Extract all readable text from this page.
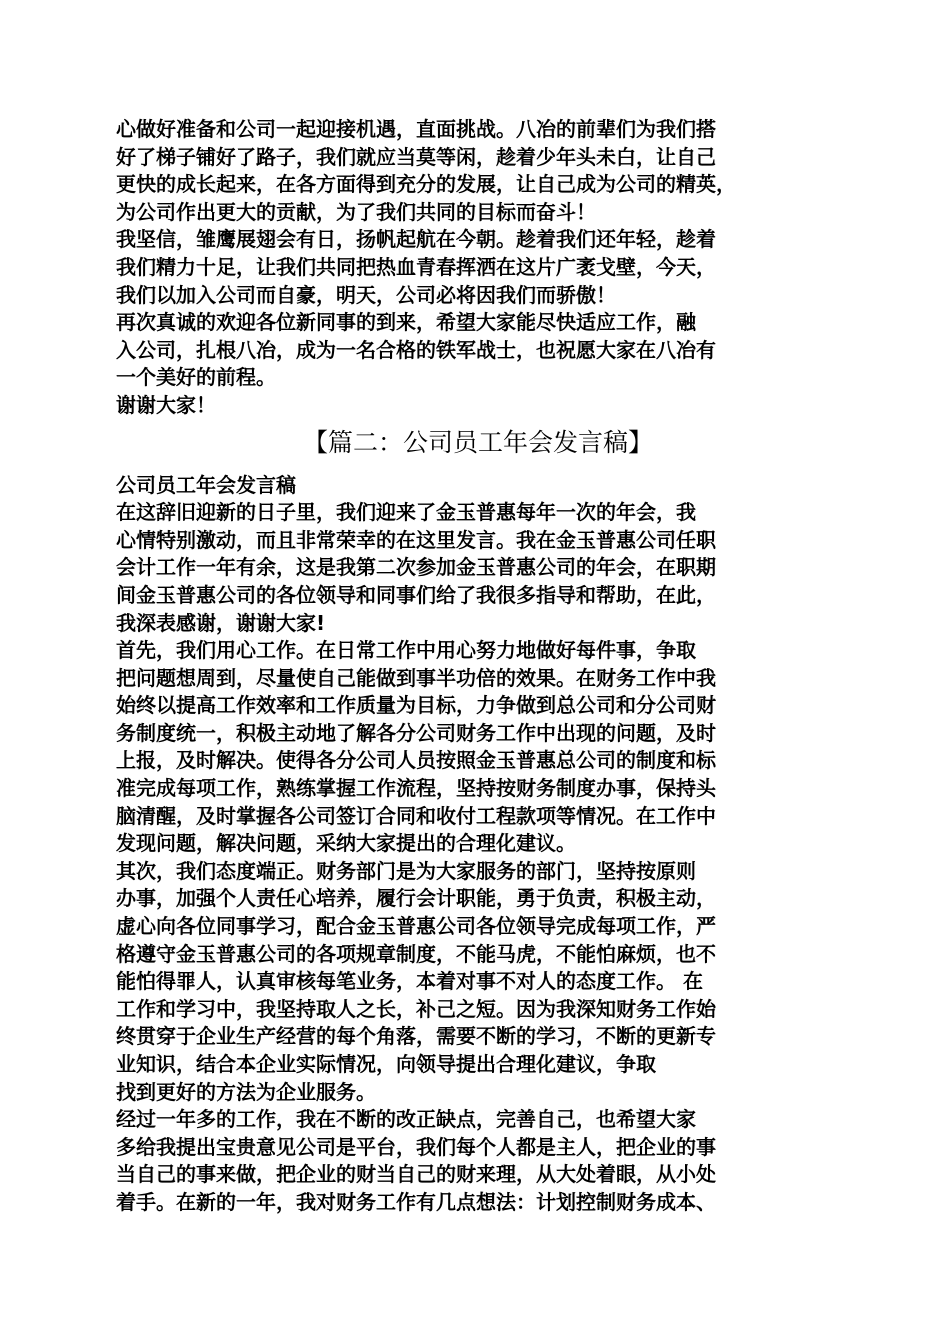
心做好准备和公司一起迎接机遇，直面挑战。八冶的前辈们为我们搭
好了梯子铺好了路子，我们就应当莫等闲，趁着少年头未白，让自己
更快的成长起来，在各方面得到充分的发展，让自己成为公司的精英，
为公司作出更大的贡献，为了我们共同的目标而奋斗！
我坚信，雏鹰展翅会有日，扬帆起航在今朝。趁着我们还年轻，趁着
我们精力十足，让我们共同把热血青春挥洒在这片广袤戈壁，今天，
我们以加入公司而自豪，明天，公司必将因我们而骄傲！
再次真诚的欢迎各位新同事的到来，希望大家能尽快适应工作，融
入公司，扎根八冶，成为一名合格的铁军战士，也祝愿大家在八冶有
一个美好的前程。
谢谢大家！
【篇二：公司员工年会发言稿】
公司员工年会发言稿
在这辞旧迎新的日子里，我们迎来了金玉普惠每年一次的年会，我
心情特别激动，而且非常荣幸的在这里发言。我在金玉普惠公司任职
会计工作一年有余，这是我第二次参加金玉普惠公司的年会，在职期
间金玉普惠公司的各位领导和同事们给了我很多指导和帮助，在此，
我深表感谢，谢谢大家!
首先，我们用心工作。在日常工作中用心努力地做好每件事，争取
把问题想周到，尽量使自己能做到事半功倍的效果。在财务工作中我
始终以提高工作效率和工作质量为目标，力争做到总公司和分公司财
务制度统一，积极主动地了解各分公司财务工作中出现的问题，及时
上报，及时解决。使得各分公司人员按照金玉普惠总公司的制度和标
准完成每项工作，熟练掌握工作流程，坚持按财务制度办事，保持头
脑清醒，及时掌握各公司签订合同和收付工程款项等情况。在工作中
发现问题，解决问题，采纳大家提出的合理化建议。
其次，我们态度端正。财务部门是为大家服务的部门，坚持按原则
办事，加强个人责任心培养，履行会计职能，勇于负责，积极主动，
虚心向各位同事学习，配合金玉普惠公司各位领导完成每项工作，严
格遵守金玉普惠公司的各项规章制度，不能马虎，不能怕麻烦，也不
能怕得罪人，认真审核每笔业务，本着对事不对人的态度工作。 在
工作和学习中，我坚持取人之长，补己之短。因为我深知财务工作始
终贯穿于企业生产经营的每个角落，需要不断的学习，不断的更新专
业知识，结合本企业实际情况，向领导提出合理化建议，争取
找到更好的方法为企业服务。
经过一年多的工作，我在不断的改正缺点，完善自己，也希望大家
多给我提出宝贵意见公司是平台，我们每个人都是主人，把企业的事
当自己的事来做，把企业的财当自己的财来理，从大处着眼，从小处
着手。在新的一年，我对财务工作有几点想法：计划控制财务成本、
